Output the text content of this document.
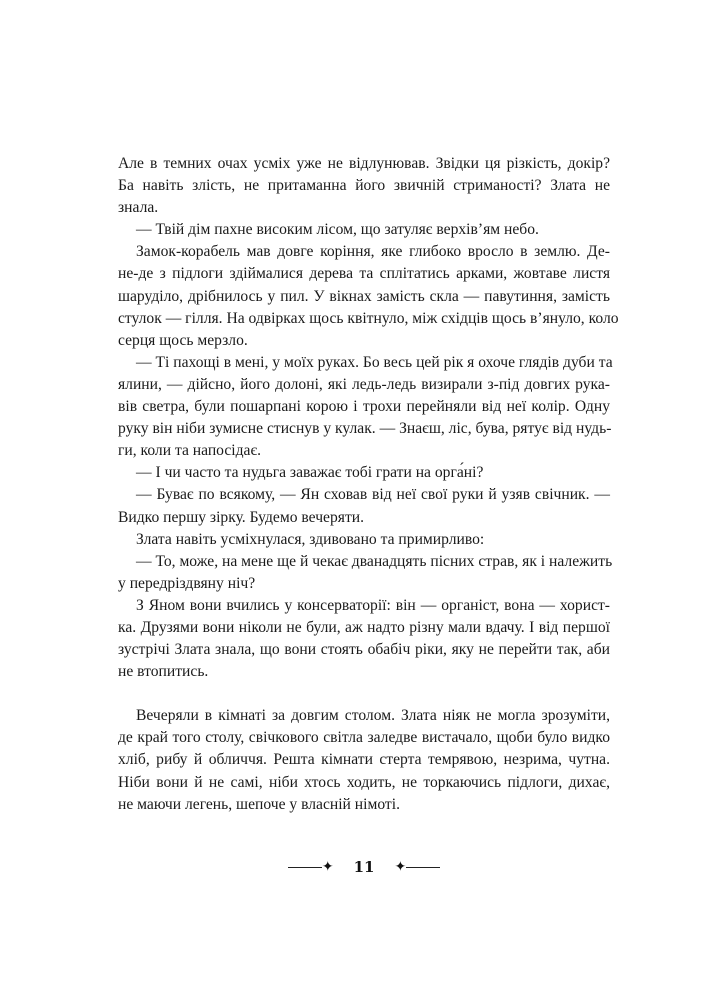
Але в темних очах усміх уже не відлунював. Звідки ця різкість, докір?
Ба навіть злість, не притаманна його звичній стриманості? Злата не
знала.
— Твій дім пахне високим лісом, що затуляє верхів’ям небо.
Замок-корабель мав довге коріння, яке глибоко вросло в землю. Де-
не-де з підлоги здіймалися дерева та сплітатись арками, жовтаве листя
шаруділо, дрібнилось у пил. У вікнах замість скла — павутиння, замість
стулок — гілля. На одвірках щось квітнуло, між східців щось в’януло, коло
серця щось мерзло.
— Ті пахощі в мені, у моїх руках. Бо весь цей рік я охоче глядів дуби та
ялини, — дійсно, його долоні, які ледь-ледь визирали з-під довгих рука-
вів светра, були пошарпані корою і трохи перейняли від неї колір. Одну
руку він ніби зумисне стиснув у кулак. — Знаєш, ліс, бува, рятує від нудь-
ги, коли та напосідає.
— І чи часто та нудьга заважає тобі грати на орга́ні?
— Буває по всякому, — Ян сховав від неї свої руки й узяв свічник. —
Видко першу зірку. Будемо вечеряти.
Злата навіть усміхнулася, здивовано та примирливо:
— То, може, на мене ще й чекає дванадцять пісних страв, як і належить
у передріздвяну ніч?
З Яном вони вчились у консерваторії: він — органіст, вона — хорист-
ка. Друзями вони ніколи не були, аж надто різну мали вдачу. І від першої
зустрічі Злата знала, що вони стоять обабіч ріки, яку не перейти так, аби
не втопитись.
Вечеряли в кімнаті за довгим столом. Злата ніяк не могла зрозуміти,
де край того столу, свічкового світла заледве вистачало, щоби було видко
хліб, рибу й обличчя. Решта кімнати стерта темрявою, незрима, чутна.
Ніби вони й не самі, ніби хтось ходить, не торкаючись підлоги, дихає,
не маючи легень, шепоче у власній німоті.
✦ 11 ✦
